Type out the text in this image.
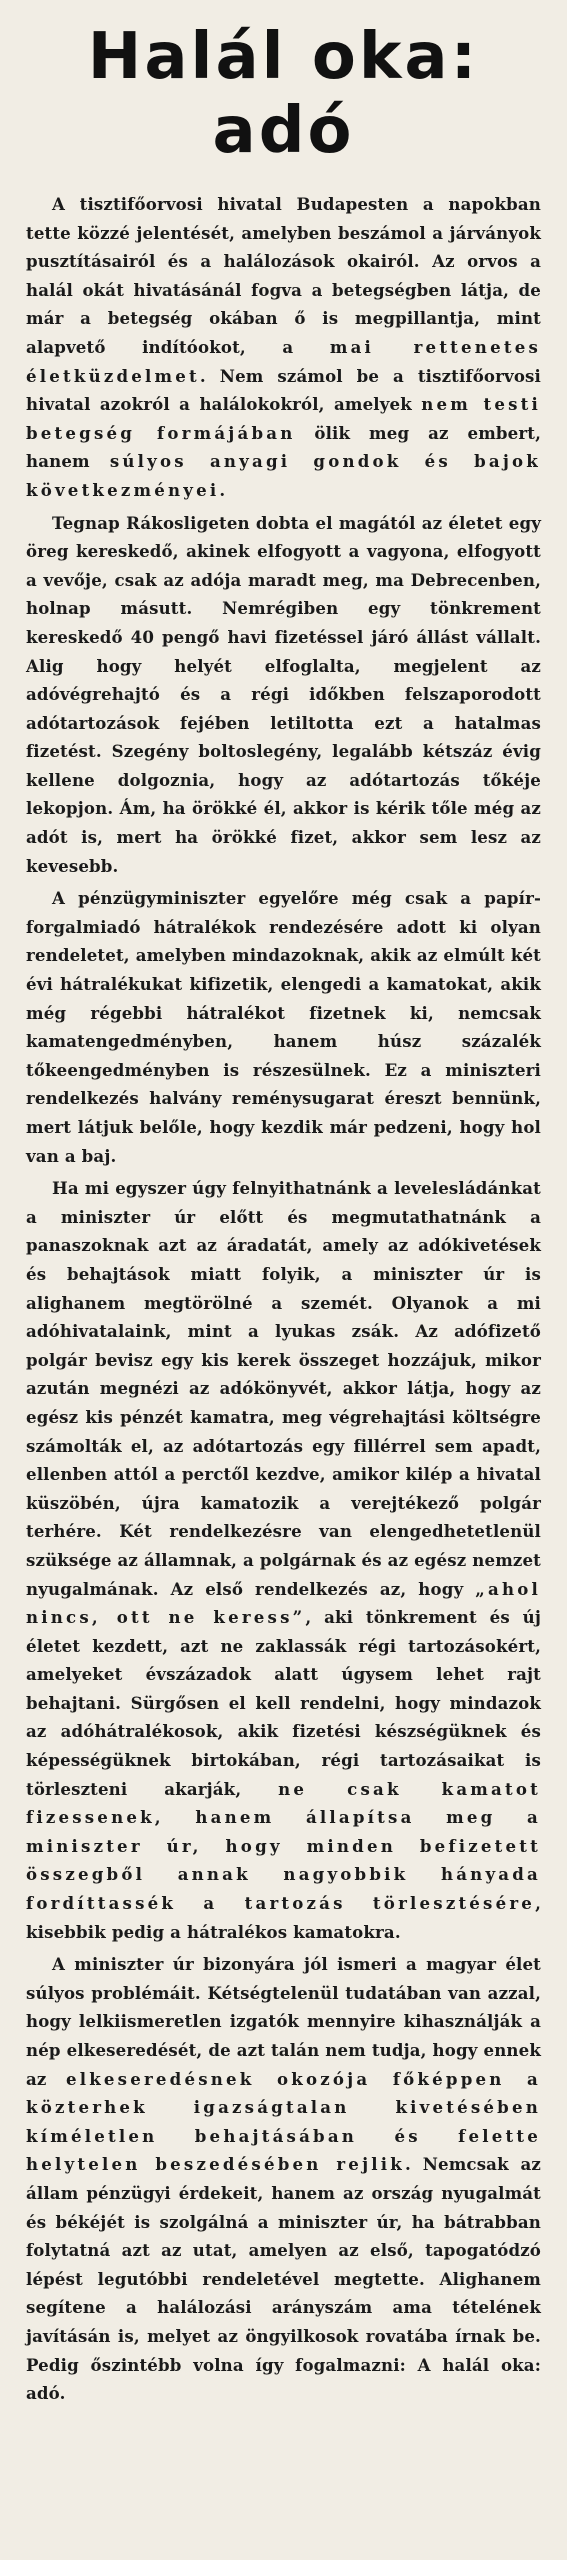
Halál oka:
adó

A tisztifőorvosi hivatal Budapesten a napokban tette közzé jelentését, amelyben beszámol a járványok pusztításairól és a halálozások okairól. Az orvos a halál okát hivatásánál fogva a betegségben látja, de már a betegség okában ő is megpillantja, mint alapvető indítóokot, a mai rettenetes életküzdelmet. Nem számol be a tisztifőorvosi hivatal azokról a halálokokról, amelyek nem testi betegség formájában ölik meg az embert, hanem súlyos anyagi gondok és bajok következményei.

Tegnap Rákosligeten dobta el magától az életet egy öreg kereskedő, akinek elfogyott a vagyona, elfogyott a vevője, csak az adója maradt meg, ma Debrecenben, holnap másutt. Nemrégiben egy tönkrement kereskedő 40 pengő havi fizetéssel járó állást vállalt. Alig hogy helyét elfoglalta, megjelent az adóvégrehajtó és a régi időkben felszaporodott adótartozások fejében letiltotta ezt a hatalmas fizetést. Szegény boltoslegény, legalább kétszáz évig kellene dolgoznia, hogy az adótartozás tőkéje lekopjon. Ám, ha örökké él, akkor is kérik tőle még az adót is, mert ha örökké fizet, akkor sem lesz az kevesebb.

A pénzügyminiszter egyelőre még csak a papír-forgalmiadó hátralékok rendezésére adott ki olyan rendeletet, amelyben mindazoknak, akik az elmúlt két évi hátralékukat kifizetik, elengedi a kamatokat, akik még régebbi hátralékot fizetnek ki, nemcsak kamatengedményben, hanem húsz százalék tőkeengedményben is részesülnek. Ez a miniszteri rendelkezés halvány reménysugarat éreszt bennünk, mert látjuk belőle, hogy kezdik már pedzeni, hogy hol van a baj.

Ha mi egyszer úgy felnyithatnánk a levelesládánkat a miniszter úr előtt és megmutathatnánk a panaszoknak azt az áradatát, amely az adókivetések és behajtások miatt folyik, a miniszter úr is alighanem megtörölné a szemét. Olyanok a mi adóhivatalaink, mint a lyukas zsák. Az adófizető polgár bevisz egy kis kerek összeget hozzájuk, mikor azután megnézi az adókönyvét, akkor látja, hogy az egész kis pénzét kamatra, meg végrehajtási költségre számolták el, az adótartozás egy fillérrel sem apadt, ellenben attól a perctől kezdve, amikor kilép a hivatal küszöbén, újra kamatozik a verejtékező polgár terhére. Két rendelkezésre van elengedhetetlenül szüksége az államnak, a polgárnak és az egész nemzet nyugalmának. Az első rendelkezés az, hogy „ahol nincs, ott ne keress”, aki tönkrement és új életet kezdett, azt ne zaklassák régi tartozásokért, amelyeket évszázadok alatt úgysem lehet rajt behajtani. Sürgősen el kell rendelni, hogy mindazok az adóhátralékosok, akik fizetési készségüknek és képességüknek birtokában, régi tartozásaikat is törleszteni akarják, ne csak kamatot fizessenek, hanem állapítsa meg a miniszter úr, hogy minden befizetett összegből annak nagyobbik hányada fordíttassék a tartozás törlesztésére, kisebbik pedig a hátralékos kamatokra.

A miniszter úr bizonyára jól ismeri a magyar élet súlyos problémáit. Kétségtelenül tudatában van azzal, hogy lelkiismeretlen izgatók mennyire kihasználják a nép elkeseredését, de azt talán nem tudja, hogy ennek az elkeseredésnek okozója főképpen a közterhek igazságtalan kivetésében kíméletlen behajtásában és felette helytelen beszedésében rejlik. Nemcsak az állam pénzügyi érdekeit, hanem az ország nyugalmát és békéjét is szolgálná a miniszter úr, ha bátrabban folytatná azt az utat, amelyen az első, tapogatódzó lépést legutóbbi rendeletével megtette. Alighanem segítene a halálozási arányszám ama tételének javításán is, melyet az öngyilkosok rovatába írnak be. Pedig őszintébb volna így fogalmazni: A halál oka: adó.
